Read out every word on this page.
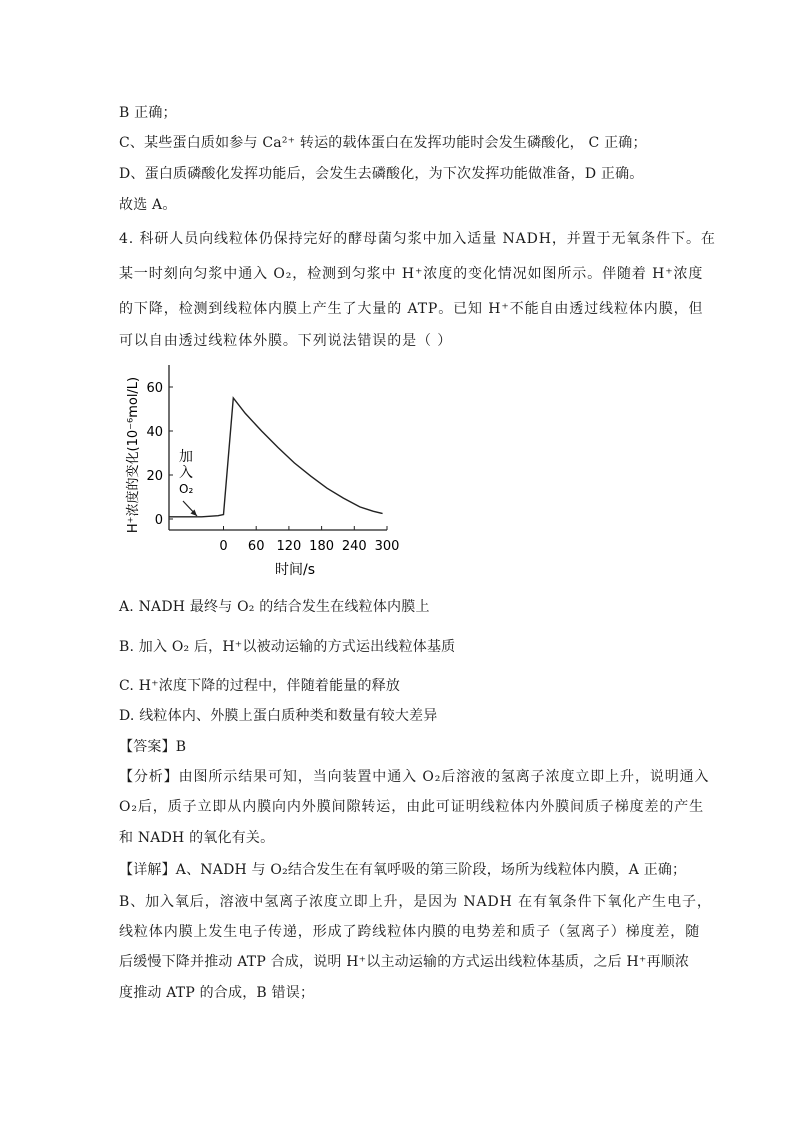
B 正确；
C、某些蛋白质如参与 Ca²⁺ 转运的载体蛋白在发挥功能时会发生磷酸化， C 正确；
D、蛋白质磷酸化发挥功能后，会发生去磷酸化，为下次发挥功能做准备，D 正确。
故选 A。
4. 科研人员向线粒体仍保持完好的酵母菌匀浆中加入适量 NADH，并置于无氧条件下。在
某一时刻向匀浆中通入 O₂，检测到匀浆中 H⁺浓度的变化情况如图所示。伴随着 H⁺浓度
的下降，检测到线粒体内膜上产生了大量的 ATP。已知 H⁺不能自由透过线粒体内膜，但
可以自由透过线粒体外膜。下列说法错误的是（ ）
0
20
40
60
0 60 120 180 240 300
H⁺浓度的变化(10⁻⁶mol/L)
时间/s
加
入
O₂
A. NADH 最终与 O₂ 的结合发生在线粒体内膜上
B. 加入 O₂ 后，H⁺以被动运输的方式运出线粒体基质
C. H⁺浓度下降的过程中，伴随着能量的释放
D. 线粒体内、外膜上蛋白质种类和数量有较大差异
【答案】B
【分析】由图所示结果可知，当向装置中通入 O₂后溶液的氢离子浓度立即上升，说明通入
O₂后，质子立即从内膜向内外膜间隙转运，由此可证明线粒体内外膜间质子梯度差的产生
和 NADH 的氧化有关。
【详解】A、NADH 与 O₂结合发生在有氧呼吸的第三阶段，场所为线粒体内膜，A 正确；
B、加入氧后，溶液中氢离子浓度立即上升，是因为 NADH 在有氧条件下氧化产生电子，
线粒体内膜上发生电子传递，形成了跨线粒体内膜的电势差和质子（氢离子）梯度差，随
后缓慢下降并推动 ATP 合成，说明 H⁺以主动运输的方式运出线粒体基质，之后 H⁺再顺浓
度推动 ATP 的合成，B 错误；
